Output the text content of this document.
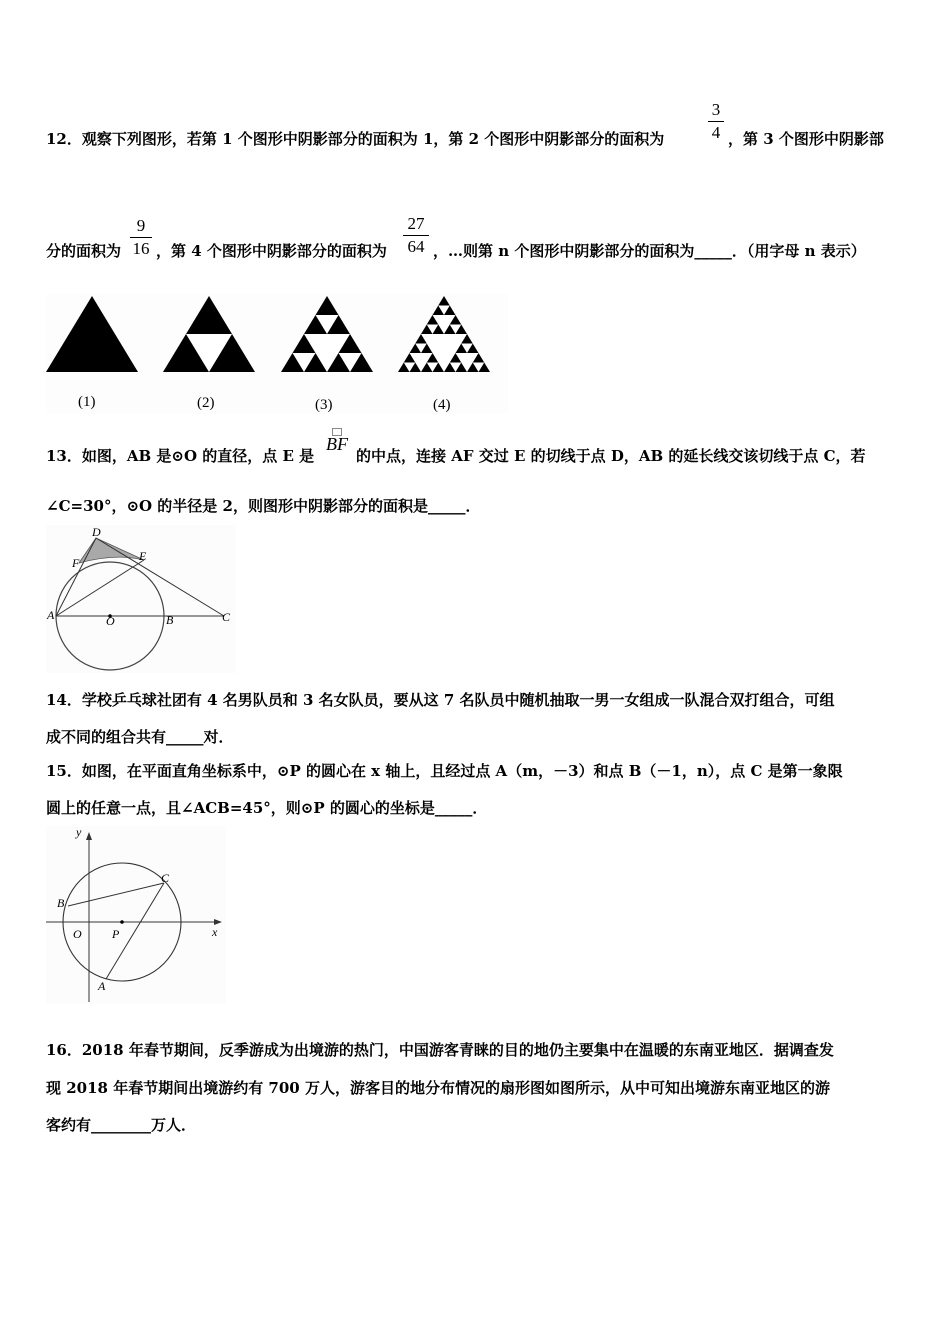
12．观察下列图形，若第 1 个图形中阴影部分的面积为 1，第 2 个图形中阴影部分的面积为
3
4 ，第 3 个图形中阴影部
分的面积为
9
16 ，第 4 个图形中阴影部分的面积为
27
64 ，…则第 n 个图形中阴影部分的面积为_____．（用字母 n 表示）
(1)	(2)	(3)	(4)
13．如图，AB 是⊙O 的直径，点 E 是
BF
的中点，连接 AF 交过 E 的切线于点 D，AB 的延长线交该切线于点 C，若
∠C=30°，⊙O 的半径是 2，则图形中阴影部分的面积是_____．
D
E
F
A	O	B	C
14．学校乒乓球社团有 4 名男队员和 3 名女队员，要从这 7 名队员中随机抽取一男一女组成一队混合双打组合，可组
成不同的组合共有_____对．
15．如图，在平面直角坐标系中，⊙P 的圆心在 x 轴上，且经过点 A（m，－3）和点 B（－1，n），点 C 是第一象限
圆上的任意一点，且∠ACB=45°，则⊙P 的圆心的坐标是_____．
y
x
C
B
O	P
A
16．2018 年春节期间，反季游成为出境游的热门，中国游客青睐的目的地仍主要集中在温暖的东南亚地区．据调查发
现 2018 年春节期间出境游约有 700 万人，游客目的地分布情况的扇形图如图所示，从中可知出境游东南亚地区的游
客约有________万人．
